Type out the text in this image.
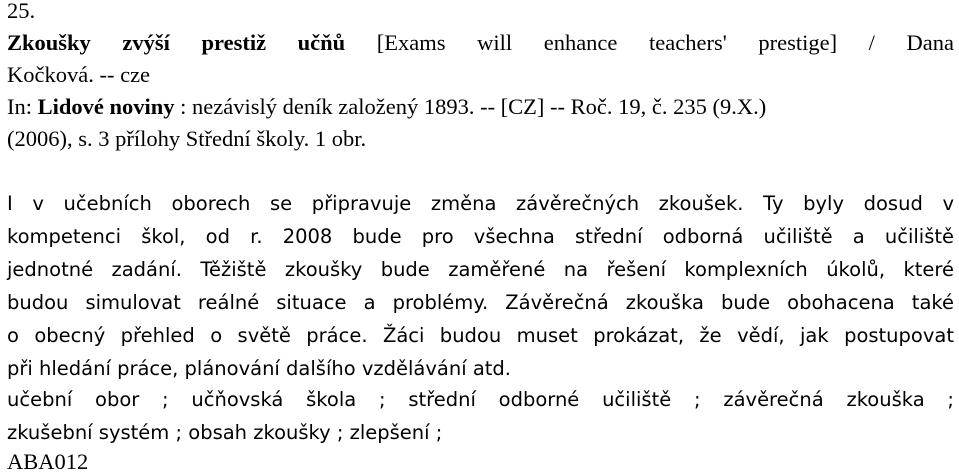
25.

Zkoušky zvýší prestiž učňů [Exams will enhance teachers' prestige] / Dana

Kočková. -- cze

In: Lidové noviny : nezávislý deník založený 1893. -- [CZ] -- Roč. 19, č. 235 (9.X.)

(2006), s. 3 přílohy Střední školy. 1 obr.

I v učebních oborech se připravuje změna závěrečných zkoušek. Ty byly dosud v

kompetenci škol, od r. 2008 bude pro všechna střední odborná učiliště a učiliště

jednotné zadání. Těžiště zkoušky bude zaměřené na řešení komplexních úkolů, které

budou simulovat reálné situace a problémy. Závěrečná zkouška bude obohacena také

o obecný přehled o světě práce. Žáci budou muset prokázat, že vědí, jak postupovat

při hledání práce, plánování dalšího vzdělávání atd.

učební obor ; učňovská škola ; střední odborné učiliště ; závěrečná zkouška ;

zkušební systém ; obsah zkoušky ; zlepšení ;

ABA012
